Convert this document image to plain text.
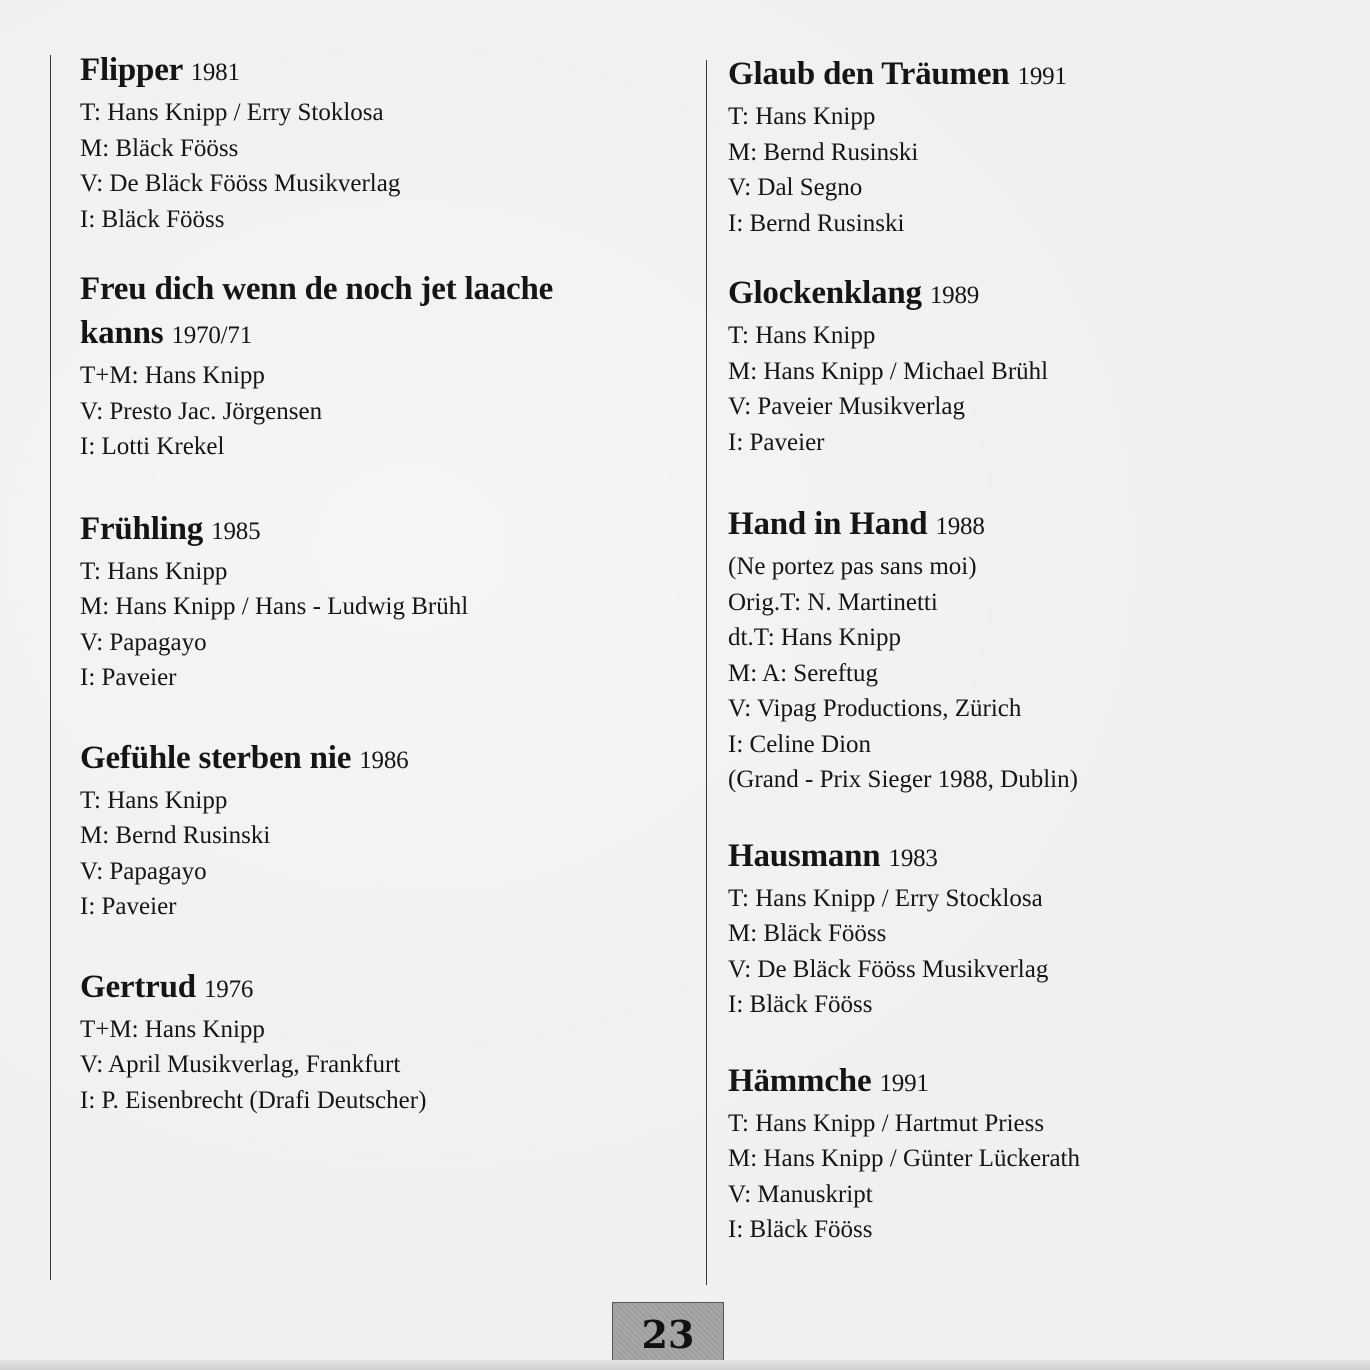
Flipper 1981
T: Hans Knipp / Erry Stoklosa
M: Bläck Fööss
V: De Bläck Fööss Musikverlag
I: Bläck Fööss
Freu dich wenn de noch jet laache
kanns 1970/71
T+M: Hans Knipp
V: Presto Jac. Jörgensen
I: Lotti Krekel
Frühling 1985
T: Hans Knipp
M: Hans Knipp / Hans - Ludwig Brühl
V: Papagayo
I: Paveier
Gefühle sterben nie 1986
T: Hans Knipp
M: Bernd Rusinski
V: Papagayo
I: Paveier
Gertrud 1976
T+M: Hans Knipp
V: April Musikverlag, Frankfurt
I: P. Eisenbrecht (Drafi Deutscher)
Glaub den Träumen 1991
T: Hans Knipp
M: Bernd Rusinski
V: Dal Segno
I: Bernd Rusinski
Glockenklang 1989
T: Hans Knipp
M: Hans Knipp / Michael Brühl
V: Paveier Musikverlag
I: Paveier
Hand in Hand 1988
(Ne portez pas sans moi)
Orig.T: N. Martinetti
dt.T: Hans Knipp
M: A: Sereftug
V: Vipag Productions, Zürich
I: Celine Dion
(Grand - Prix Sieger 1988, Dublin)
Hausmann 1983
T: Hans Knipp / Erry Stocklosa
M: Bläck Fööss
V: De Bläck Fööss Musikverlag
I: Bläck Fööss
Hämmche 1991
T: Hans Knipp / Hartmut Priess
M: Hans Knipp / Günter Lückerath
V: Manuskript
I: Bläck Fööss
23
